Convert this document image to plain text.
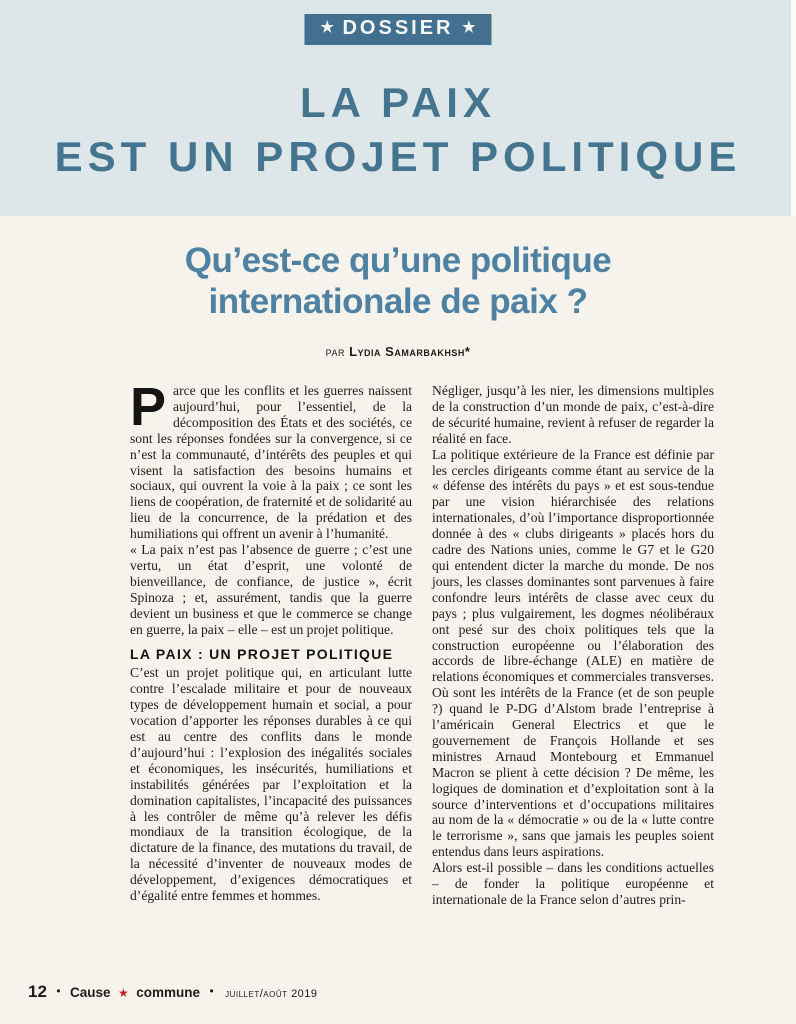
★ DOSSIER ★
LA PAIX
EST UN PROJET POLITIQUE
Qu’est-ce qu’une politique internationale de paix ?
par Lydia Samarbakhsh*

Parce que les conflits et les guerres naissent aujourd’hui, pour l’essentiel, de la décomposition des États et des sociétés, ce sont les réponses fondées sur la convergence, si ce n’est la communauté, d’intérêts des peuples et qui visent la satisfaction des besoins humains et sociaux, qui ouvrent la voie à la paix ; ce sont les liens de coopération, de fraternité et de solidarité au lieu de la concurrence, de la prédation et des humiliations qui offrent un avenir à l’humanité.

« La paix n’est pas l’absence de guerre ; c’est une vertu, un état d’esprit, une volonté de bienveillance, de confiance, de justice », écrit Spinoza ; et, assurément, tandis que la guerre devient un business et que le commerce se change en guerre, la paix – elle – est un projet politique.

LA PAIX : UN PROJET POLITIQUE

C’est un projet politique qui, en articulant lutte contre l’escalade militaire et pour de nouveaux types de développement humain et social, a pour vocation d’apporter les réponses durables à ce qui est au centre des conflits dans le monde d’aujourd’hui : l’explosion des inégalités sociales et économiques, les insécurités, humiliations et instabilités générées par l’exploitation et la domination capitalistes, l’incapacité des puissances à les contrôler de même qu’à relever les défis mondiaux de la transition écologique, de la dictature de la finance, des mutations du travail, de la nécessité d’inventer de nouveaux modes de développement, d’exigences démocratiques et d’égalité entre femmes et hommes.

Négliger, jusqu’à les nier, les dimensions multiples de la construction d’un monde de paix, c’est-à-dire de sécurité humaine, revient à refuser de regarder la réalité en face.

La politique extérieure de la France est définie par les cercles dirigeants comme étant au service de la « défense des intérêts du pays » et est sous-tendue par une vision hiérarchisée des relations internationales, d’où l’importance disproportionnée donnée à des « clubs dirigeants » placés hors du cadre des Nations unies, comme le G7 et le G20 qui entendent dicter la marche du monde. De nos jours, les classes dominantes sont parvenues à faire confondre leurs intérêts de classe avec ceux du pays ; plus vulgairement, les dogmes néolibéraux ont pesé sur des choix politiques tels que la construction européenne ou l’élaboration des accords de libre-échange (ALE) en matière de relations économiques et commerciales transverses. Où sont les intérêts de la France (et de son peuple ?) quand le P-DG d’Alstom brade l’entreprise à l’américain General Electrics et que le gouvernement de François Hollande et ses ministres Arnaud Montebourg et Emmanuel Macron se plient à cette décision ? De même, les logiques de domination et d’exploitation sont à la source d’interventions et d’occupations militaires au nom de la « démocratie » ou de la « lutte contre le terrorisme », sans que jamais les peuples soient entendus dans leurs aspirations.

Alors est-il possible – dans les conditions actuelles – de fonder la politique européenne et internationale de la France selon d’autres prin-

12 • Cause ★ commune • juillet/août 2019
